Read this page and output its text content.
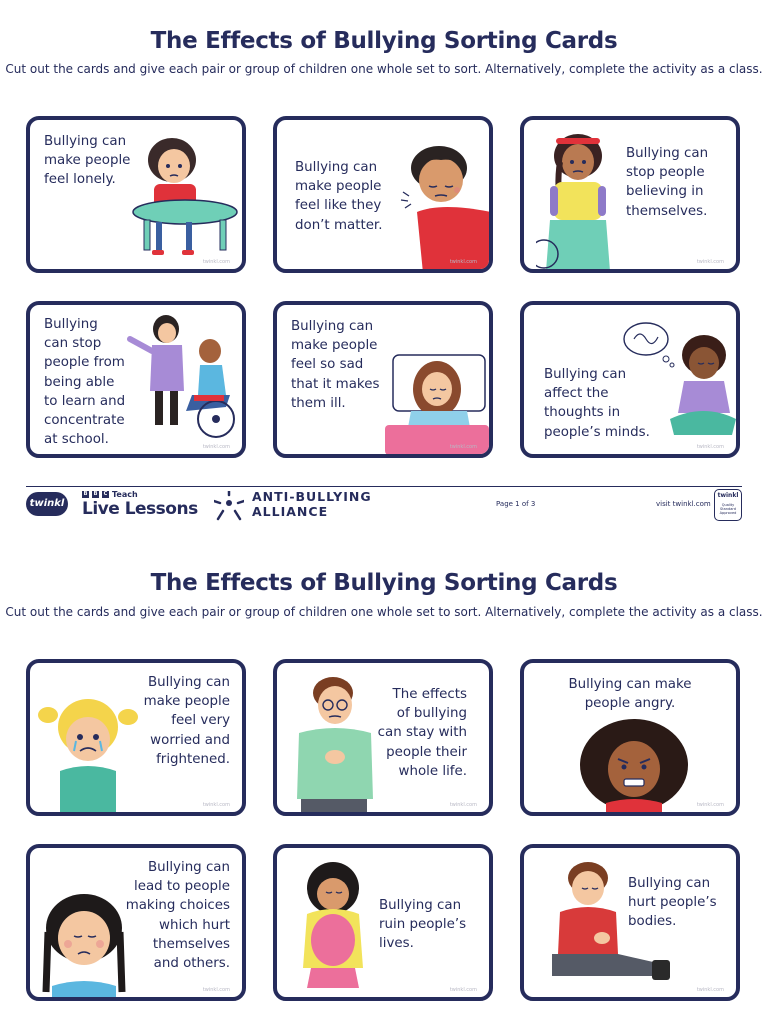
The Effects of Bullying Sorting Cards
Cut out the cards and give each pair or group of children one whole set to sort. Alternatively, complete the activity as a class.
Bullying can
make people
feel lonely.
twinkl.com
Bullying can
make people
feel like they
don’t matter.
twinkl.com
Bullying can
stop people
believing in
themselves.
twinkl.com
Bullying
can stop
people from
being able
to learn and
concentrate
at school.	twinkl.com
Bullying can
make people
feel so sad
that it makes
them ill.
twinkl.com
Bullying can
affect the
thoughts in
people’s minds.
twinkl.com
twinkl
B	B	C Teach
Live Lessons
ANTI-BULLYING
ALLIANCE	Page 1 of 3	visit twinkl.com
twinkl
Quality Standard
Approved
The Effects of Bullying Sorting Cards
Cut out the cards and give each pair or group of children one whole set to sort. Alternatively, complete the activity as a class.
Bullying can
make people
feel very
worried and
frightened.
twinkl.com
The effects
of bullying
can stay with
people their
whole life.
twinkl.com
Bullying can make
people angry.
twinkl.com
Bullying can
lead to people
making choices
which hurt
themselves
and others.
twinkl.com
Bullying can
ruin people’s
lives.
twinkl.com
Bullying can
hurt people’s
bodies.
twinkl.com
